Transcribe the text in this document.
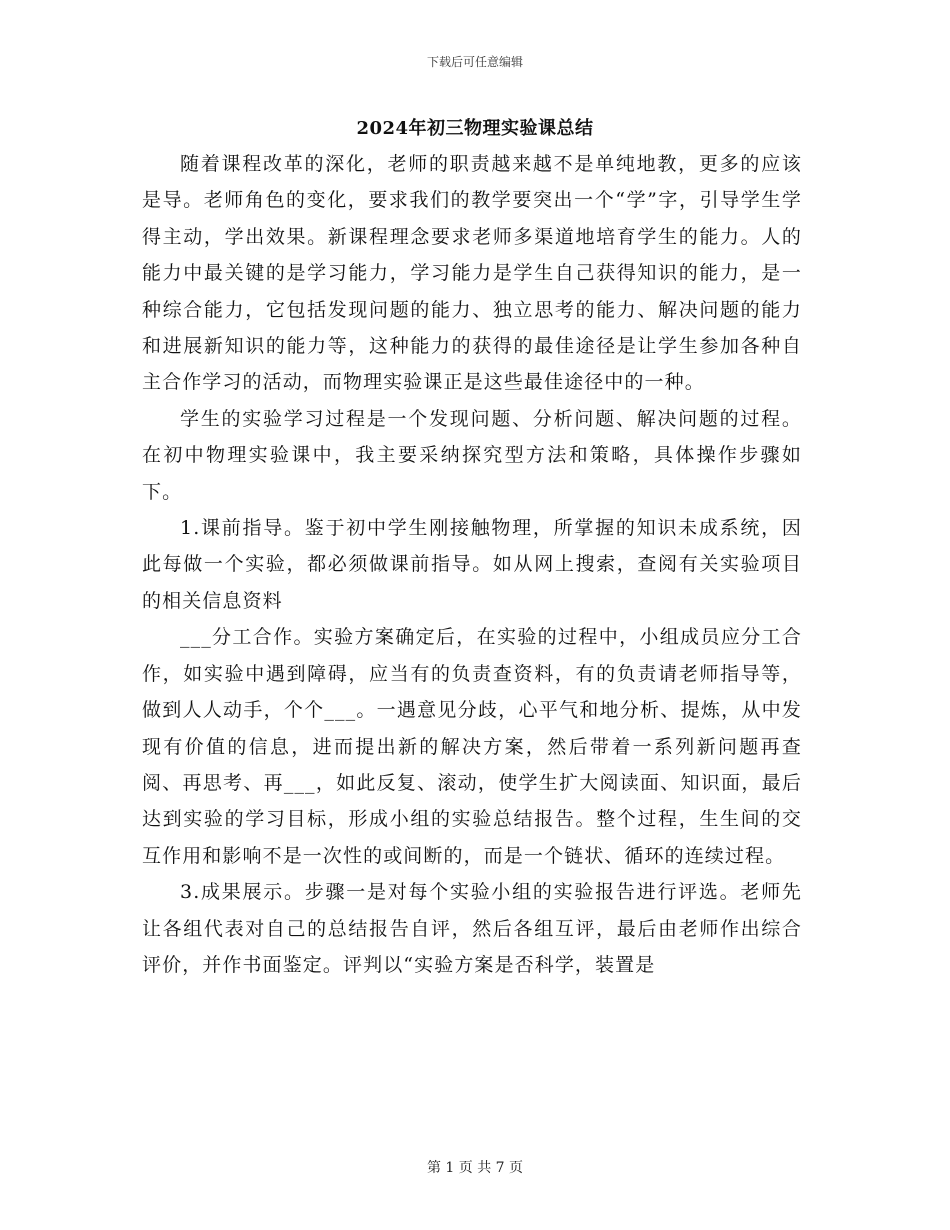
下载后可任意编辑
2024年初三物理实验课总结

随着课程改革的深化，老师的职责越来越不是单纯地教，更多的应该是导。老师角色的变化，要求我们的教学要突出一个“学”字，引导学生学得主动，学出效果。新课程理念要求老师多渠道地培育学生的能力。人的能力中最关键的是学习能力，学习能力是学生自己获得知识的能力，是一种综合能力，它包括发现问题的能力、独立思考的能力、解决问题的能力和进展新知识的能力等，这种能力的获得的最佳途径是让学生参加各种自主合作学习的活动，而物理实验课正是这些最佳途径中的一种。

学生的实验学习过程是一个发现问题、分析问题、解决问题的过程。在初中物理实验课中，我主要采纳探究型方法和策略，具体操作步骤如下。

1.课前指导。鉴于初中学生刚接触物理，所掌握的知识未成系统，因此每做一个实验，都必须做课前指导。如从网上搜索，查阅有关实验项目的相关信息资料

___分工合作。实验方案确定后，在实验的过程中，小组成员应分工合作，如实验中遇到障碍，应当有的负责查资料，有的负责请老师指导等，做到人人动手，个个___。一遇意见分歧，心平气和地分析、提炼，从中发现有价值的信息，进而提出新的解决方案，然后带着一系列新问题再查阅、再思考、再___，如此反复、滚动，使学生扩大阅读面、知识面，最后达到实验的学习目标，形成小组的实验总结报告。整个过程，生生间的交互作用和影响不是一次性的或间断的，而是一个链状、循环的连续过程。

3.成果展示。步骤一是对每个实验小组的实验报告进行评选。老师先让各组代表对自己的总结报告自评，然后各组互评，最后由老师作出综合评价，并作书面鉴定。评判以“实验方案是否科学，装置是

第 1 页 共 7 页
